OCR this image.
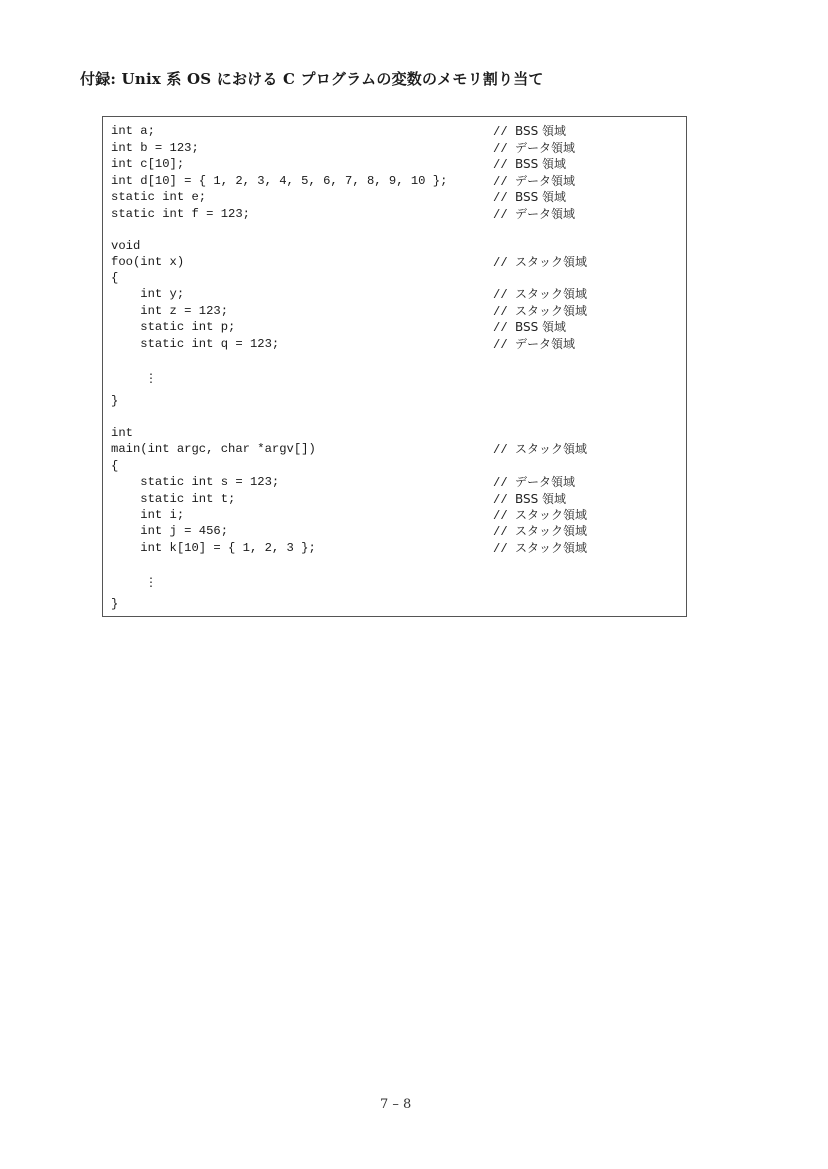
付録: Unix 系 OS における C プログラムの変数のメモリ割り当て
int a;	// BSS 領域
int b = 123;	// データ領域
int c[10];	// BSS 領域
int d[10] = { 1, 2, 3, 4, 5, 6, 7, 8, 9, 10 };	// データ領域
static int e;	// BSS 領域
static int f = 123;	// データ領域
void
foo(int x)	// スタック領域
{
int y;	// スタック領域
int z = 123;	// スタック領域
static int p;	// BSS 領域
static int q = 123;	// データ領域
⋮
}
int
main(int argc, char *argv[])	// スタック領域
{
static int s = 123;	// データ領域
static int t;	// BSS 領域
int i;	// スタック領域
int j = 456;	// スタック領域
int k[10] = { 1, 2, 3 };	// スタック領域
⋮
}
7 – 8
